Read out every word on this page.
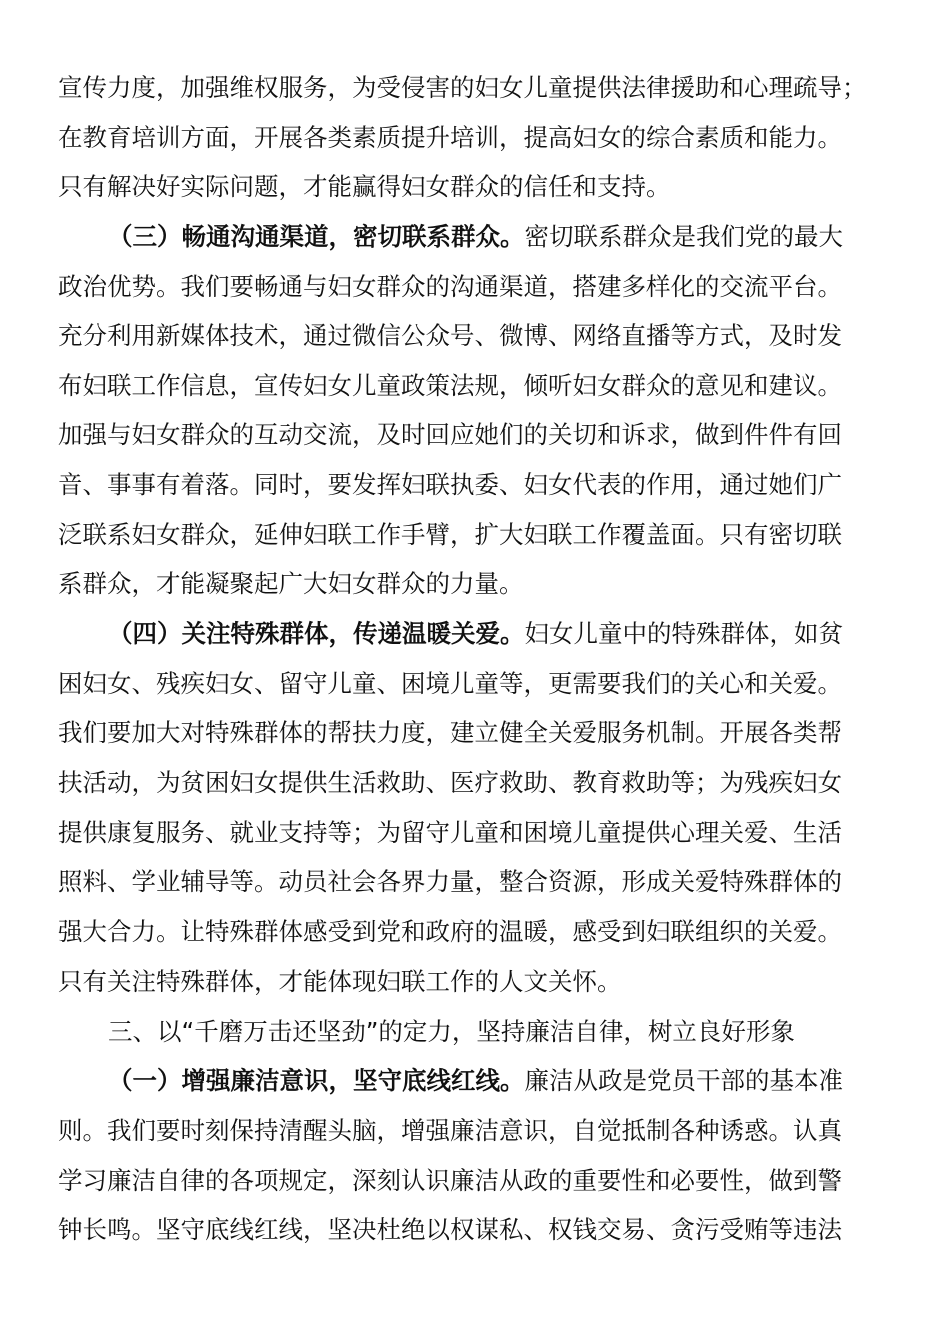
宣传力度，加强维权服务，为受侵害的妇女儿童提供法律援助和心理疏导；
在教育培训方面，开展各类素质提升培训，提高妇女的综合素质和能力。
只有解决好实际问题，才能赢得妇女群众的信任和支持。
（三）畅通沟通渠道，密切联系群众。密切联系群众是我们党的最大
政治优势。我们要畅通与妇女群众的沟通渠道，搭建多样化的交流平台。
充分利用新媒体技术，通过微信公众号、微博、网络直播等方式，及时发
布妇联工作信息，宣传妇女儿童政策法规，倾听妇女群众的意见和建议。
加强与妇女群众的互动交流，及时回应她们的关切和诉求，做到件件有回
音、事事有着落。同时，要发挥妇联执委、妇女代表的作用，通过她们广
泛联系妇女群众，延伸妇联工作手臂，扩大妇联工作覆盖面。只有密切联
系群众，才能凝聚起广大妇女群众的力量。
（四）关注特殊群体，传递温暖关爱。妇女儿童中的特殊群体，如贫
困妇女、残疾妇女、留守儿童、困境儿童等，更需要我们的关心和关爱。
我们要加大对特殊群体的帮扶力度，建立健全关爱服务机制。开展各类帮
扶活动，为贫困妇女提供生活救助、医疗救助、教育救助等；为残疾妇女
提供康复服务、就业支持等；为留守儿童和困境儿童提供心理关爱、生活
照料、学业辅导等。动员社会各界力量，整合资源，形成关爱特殊群体的
强大合力。让特殊群体感受到党和政府的温暖，感受到妇联组织的关爱。
只有关注特殊群体，才能体现妇联工作的人文关怀。
三、以“千磨万击还坚劲”的定力，坚持廉洁自律，树立良好形象
（一）增强廉洁意识，坚守底线红线。廉洁从政是党员干部的基本准
则。我们要时刻保持清醒头脑，增强廉洁意识，自觉抵制各种诱惑。认真
学习廉洁自律的各项规定，深刻认识廉洁从政的重要性和必要性，做到警
钟长鸣。坚守底线红线，坚决杜绝以权谋私、权钱交易、贪污受贿等违法
